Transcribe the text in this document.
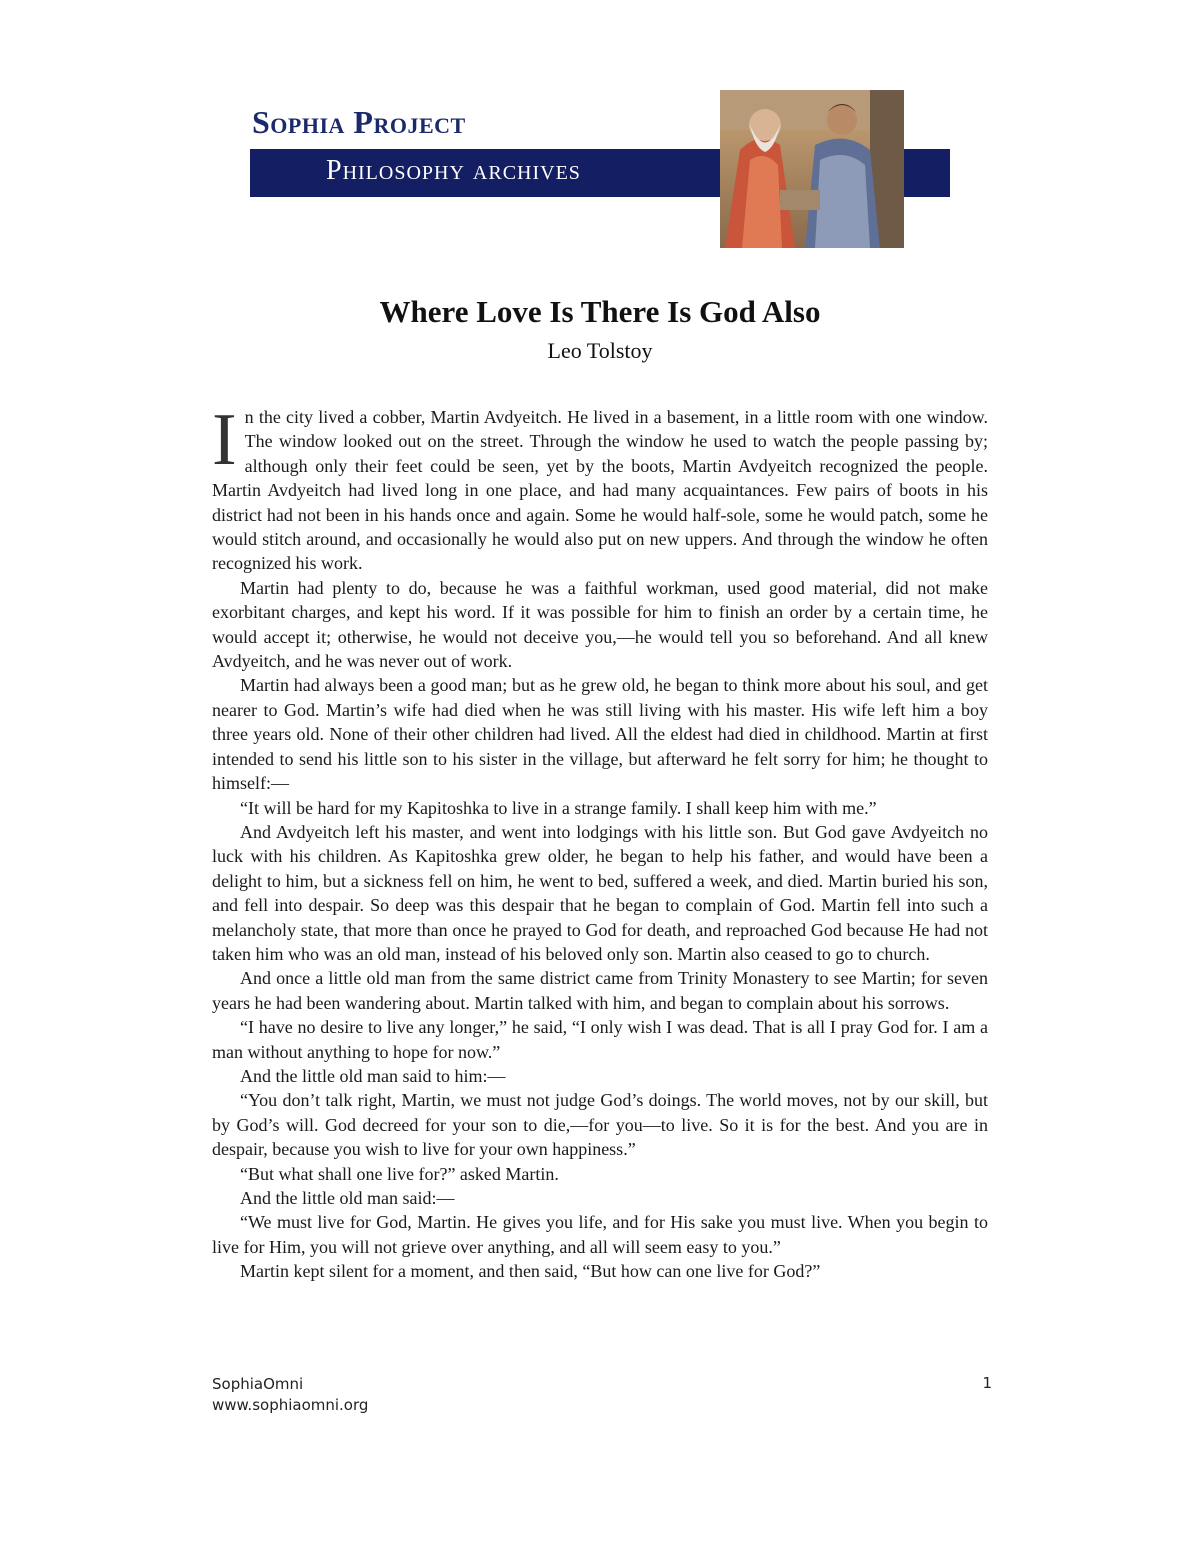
Sophia Project
Philosophy archives
Where Love Is There Is God Also
Leo Tolstoy

In the city lived a cobber, Martin Avdyeitch. He lived in a basement, in a little room with one window. The window looked out on the street. Through the window he used to watch the people passing by; although only their feet could be seen, yet by the boots, Martin Avdyeitch recognized the people. Martin Avdyeitch had lived long in one place, and had many acquaintances. Few pairs of boots in his district had not been in his hands once and again. Some he would half-sole, some he would patch, some he would stitch around, and occasionally he would also put on new uppers. And through the window he often recognized his work.

Martin had plenty to do, because he was a faithful workman, used good material, did not make exorbitant charges, and kept his word. If it was possible for him to finish an order by a certain time, he would accept it; otherwise, he would not deceive you,—he would tell you so beforehand. And all knew Avdyeitch, and he was never out of work.

Martin had always been a good man; but as he grew old, he began to think more about his soul, and get nearer to God. Martin’s wife had died when he was still living with his master. His wife left him a boy three years old. None of their other children had lived. All the eldest had died in childhood. Martin at first intended to send his little son to his sister in the village, but afterward he felt sorry for him; he thought to himself:—

“It will be hard for my Kapitoshka to live in a strange family. I shall keep him with me.”

And Avdyeitch left his master, and went into lodgings with his little son. But God gave Avdyeitch no luck with his children. As Kapitoshka grew older, he began to help his father, and would have been a delight to him, but a sickness fell on him, he went to bed, suffered a week, and died. Martin buried his son, and fell into despair. So deep was this despair that he began to complain of God. Martin fell into such a melancholy state, that more than once he prayed to God for death, and reproached God because He had not taken him who was an old man, instead of his beloved only son. Martin also ceased to go to church.

And once a little old man from the same district came from Trinity Monastery to see Martin; for seven years he had been wandering about. Martin talked with him, and began to complain about his sorrows.

“I have no desire to live any longer,” he said, “I only wish I was dead. That is all I pray God for. I am a man without anything to hope for now.”

And the little old man said to him:—

“You don’t talk right, Martin, we must not judge God’s doings. The world moves, not by our skill, but by God’s will. God decreed for your son to die,—for you—to live. So it is for the best. And you are in despair, because you wish to live for your own happiness.”

“But what shall one live for?” asked Martin.

And the little old man said:—

“We must live for God, Martin. He gives you life, and for His sake you must live. When you begin to live for Him, you will not grieve over anything, and all will seem easy to you.”

Martin kept silent for a moment, and then said, “But how can one live for God?”

SophiaOmni
www.sophiaomni.org
1
